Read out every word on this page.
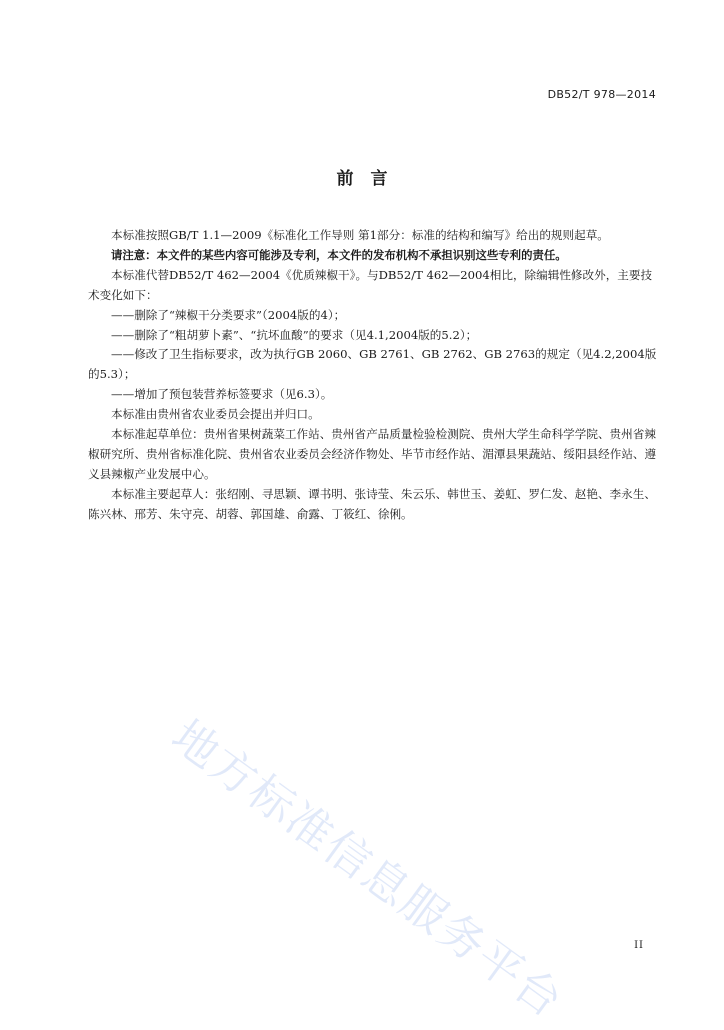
DB52/T 978—2014
前　言

本标准按照GB/T 1.1—2009《标准化工作导则 第1部分：标准的结构和编写》给出的规则起草。

请注意：本文件的某些内容可能涉及专利，本文件的发布机构不承担识别这些专利的责任。

本标准代替DB52/T 462—2004《优质辣椒干》。与DB52/T 462—2004相比，除编辑性修改外，主要技术变化如下：

——删除了“辣椒干分类要求”（2004版的4）；

——删除了“粗胡萝卜素”、“抗坏血酸”的要求（见4.1,2004版的5.2）；

——修改了卫生指标要求，改为执行GB 2060、GB 2761、GB 2762、GB 2763的规定（见4.2,2004版的5.3）；

——增加了预包装营养标签要求（见6.3）。

本标准由贵州省农业委员会提出并归口。

本标准起草单位：贵州省果树蔬菜工作站、贵州省产品质量检验检测院、贵州大学生命科学学院、贵州省辣椒研究所、贵州省标准化院、贵州省农业委员会经济作物处、毕节市经作站、湄潭县果蔬站、绥阳县经作站、遵义县辣椒产业发展中心。

本标准主要起草人：张绍刚、寻思颖、谭书明、张诗莹、朱云乐、韩世玉、姜虹、罗仁发、赵艳、李永生、陈兴林、邢芳、朱守亮、胡蓉、郭国雄、俞露、丁筱红、徐俐。

地方标准信息服务平台	II
